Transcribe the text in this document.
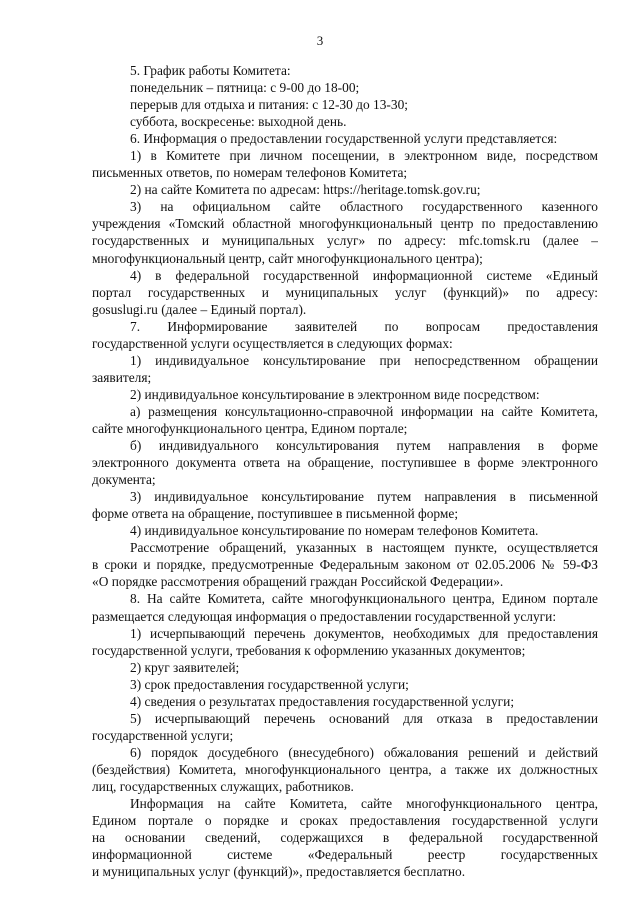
3
5. График работы Комитета:
понедельник – пятница: с 9-00 до 18-00;
перерыв для отдыха и питания: с 12-30 до 13-30;
суббота, воскресенье: выходной день.
6. Информация о предоставлении государственной услуги представляется:
1) в Комитете при личном посещении, в электронном виде, посредством
письменных ответов, по номерам телефонов Комитета;
2) на сайте Комитета по адресам: https://heritage.tomsk.gov.ru;
3) на официальном сайте областного государственного казенного
учреждения «Томский областной многофункциональный центр по предоставлению
государственных и муниципальных услуг» по адресу: mfc.tomsk.ru (далее –
многофункциональный центр, сайт многофункционального центра);
4) в федеральной государственной информационной системе «Единый
портал государственных и муниципальных услуг (функций)» по адресу:
gosuslugi.ru (далее – Единый портал).
7. Информирование заявителей по вопросам предоставления
государственной услуги осуществляется в следующих формах:
1) индивидуальное консультирование при непосредственном обращении
заявителя;
2) индивидуальное консультирование в электронном виде посредством:
а) размещения консультационно-справочной информации на сайте Комитета,
сайте многофункционального центра, Едином портале;
б) индивидуального консультирования путем направления в форме
электронного документа ответа на обращение, поступившее в форме электронного
документа;
3) индивидуальное консультирование путем направления в письменной
форме ответа на обращение, поступившее в письменной форме;
4) индивидуальное консультирование по номерам телефонов Комитета.
Рассмотрение обращений, указанных в настоящем пункте, осуществляется
в сроки и порядке, предусмотренные Федеральным законом от 02.05.2006 № 59-ФЗ
«О порядке рассмотрения обращений граждан Российской Федерации».
8. На сайте Комитета, сайте многофункционального центра, Едином портале
размещается следующая информация о предоставлении государственной услуги:
1) исчерпывающий перечень документов, необходимых для предоставления
государственной услуги, требования к оформлению указанных документов;
2) круг заявителей;
3) срок предоставления государственной услуги;
4) сведения о результатах предоставления государственной услуги;
5) исчерпывающий перечень оснований для отказа в предоставлении
государственной услуги;
6) порядок досудебного (внесудебного) обжалования решений и действий
(бездействия) Комитета, многофункционального центра, а также их должностных
лиц, государственных служащих, работников.
Информация на сайте Комитета, сайте многофункционального центра,
Едином портале о порядке и сроках предоставления государственной услуги
на основании сведений, содержащихся в федеральной государственной
информационной системе «Федеральный реестр государственных
и муниципальных услуг (функций)», предоставляется бесплатно.
